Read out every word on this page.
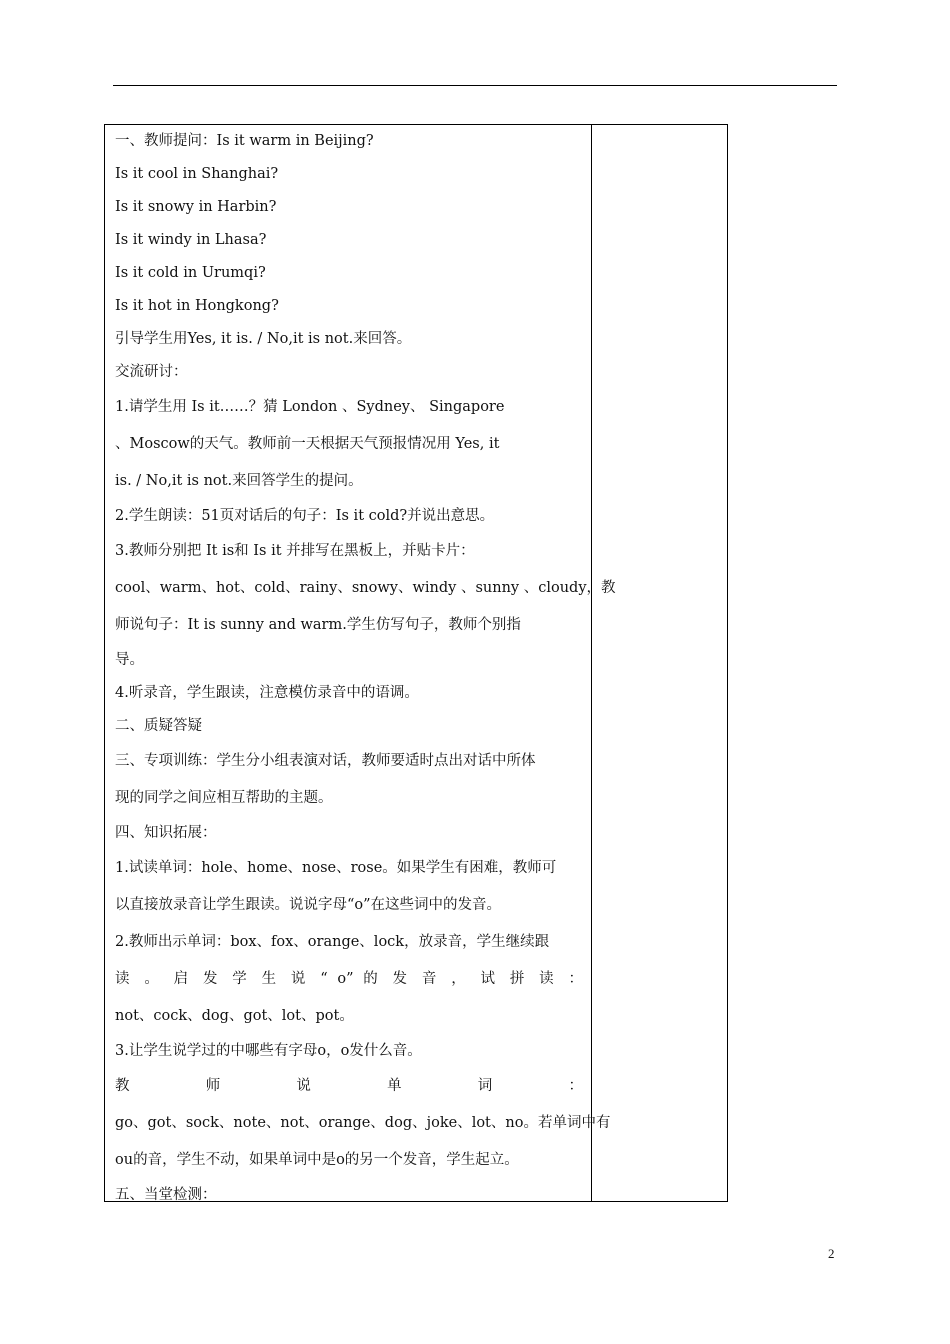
一、教师提问：Is it warm in Beijing?
Is it cool in Shanghai?
Is it snowy in Harbin?
Is it windy in Lhasa?
Is it cold in Urumqi?
Is it hot in Hongkong?
引导学生用Yes, it is. / No,it is not.来回答。
交流研讨：
1.请学生用 Is it……？猜 London 、Sydney、 Singapore
、Moscow的天气。教师前一天根据天气预报情况用 Yes, it
is. / No,it is not.来回答学生的提问。
2.学生朗读：51页对话后的句子：Is it cold?并说出意思。
3.教师分别把 It is和 Is it 并排写在黑板上，并贴卡片：
cool、warm、hot、cold、rainy、snowy、windy 、sunny 、cloudy，教
师说句子：It is sunny and warm.学生仿写句子，教师个别指
导。
4.听录音，学生跟读，注意模仿录音中的语调。
二、质疑答疑
三、专项训练：学生分小组表演对话，教师要适时点出对话中所体
现的同学之间应相互帮助的主题。
四、知识拓展：
1.试读单词：hole、home、nose、rose。如果学生有困难，教师可
以直接放录音让学生跟读。说说字母“o”在这些词中的发音。
2.教师出示单词：box、fox、orange、lock，放录音，学生继续跟
读 。 启 发 学 生 说 “ o” 的 发 音 ， 试 拼 读 ：
not、cock、dog、got、lot、pot。
3.让学生说学过的中哪些有字母o，o发什么音。
教 师 说 单 词 ：
go、got、sock、note、not、orange、dog、joke、lot、no。若单词中有
ou的音，学生不动，如果单词中是o的另一个发音，学生起立。
五、当堂检测：
2
